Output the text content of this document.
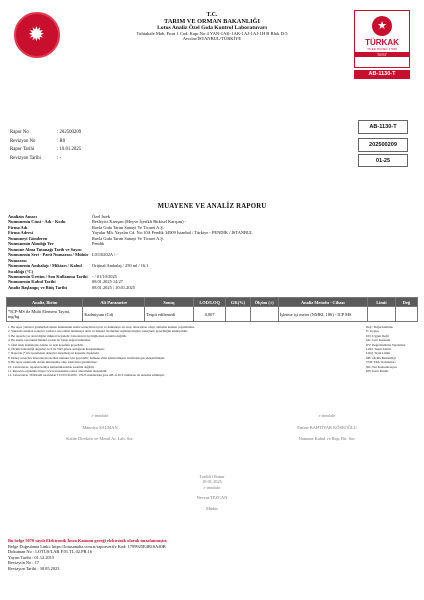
✹
T.C.
TARIM VE ORMAN BAKANLIĞI
Lotus Analiz Özel Gıda Kontrol Laboratuvarı
Tuhtakale Mah. Fırat 1 Cad. Kapı No:4 YAN-1AK-1AK-1AJ-1AJ-1H B Blok D:5
Avcılar/İSTANBUL/TÜRKİYE
★
TÜRKAK
TS EN ISO/IEC 17025
TEST
AB-1130-T
Rapor No	: 202500209
Revizyon No	: R0
Rapor Tarihi	: 10.01.2025
Revizyon Tarihi	: -
AB-1130-T
202500209
01-25
MUAYENE VE ANALİZ RAPORU
Analizin Amacı	Özel İstek
Numunenin Cinsi - Adı - Kodu	Besleyici Karışım (Meyve İçerikli Bitkisel Karışım) -
Firma Adı	Ravla Gıda Tarım Sanayi Ve Ticaret A.Ş.
Firma Adresi	Yayalar Mh. Yayalar Cd. No:10A Pendik 34909 İstanbul / Türkiye - PENDİK / İSTANBUL
Numuneyi Gönderen	Ravla Gıda Tarım Sanayi Ve Ticaret A.Ş.
Numunenin Alındığı Yer	Pendik
Numune Alma Tutanağı Tarih ve Sayısı	
Numunenin Seri - Parti Numarası / Mühür Numarası	L0110202A / -
Numunenin Ambalajı / Miktarı / Kabul Sıcaklığı (°C)	Orijinal Ambalaj / 250 ml / 16,1
Numunenin Üretim / Son Kullanma Tarihi	- / 01/10/2025
Numunenin Kabul Tarihi	08.01.2025 14:27
Analiz Başlangıç ve Bitiş Tarihi	08.01.2025 / 10.01.2025
Analiz, Birim	Alt Parametre	Sonuç	LOD/LOQ	GK(%)	Ölçüm (±)	Analiz Metodu - Cihazı	Limit	Değ
*ICP-MS ile Multi Element Tayini, mg/kg	Kadmiyum (Cd)	Tespit edilemedi	0,007			İşletme içi metot (NMKL 186) - ICP MS		
1. Bu rapor yalnızca gönderilen/alınan numunenin analiz sonuçlarını içerir ve numuneye ait olup, laboratuvar onayı olmadan kısmen çoğaltılamaz.
2. Yukarıda sunulan sonuçlar yalnızca test edilen numuneye aittir ve müşteri tarafından sağlanan bilgiler sonuçların geçerliliğini etkileyebilir.
3. Bu raporda yer alan bilgiler müşteri beyanıdır; laboratuvar bu bilgilerden sorumlu değildir.
4. Bu analiz raporunun hukuki açıdan bir belge değeri bulunmaz.
5. Özel istek analizlerde ödeme ve iade koşulları geçerlidir.
6. Ölçüm belirsizliği değerleri k=2 ile %95 güven aralığında hesaplanmıştır.
7. Raporda (*) ile işaretlenen deneyler akreditasyon kapsamı dışındadır.
8. Deney sonuçları laboratuvara iletilen numune için geçerlidir; numune alma işlemi müşteri tarafından gerçekleştirilmiştir.
9. Bu rapor elektronik olarak imzalanmış olup ıslak imza gerektirmez.
10. Laboratuvar, raporun kötüye kullanılmasından sorumlu değildir.
11. Raporun orijinaline https://www.lotusanaliz.com.tr adresinden ulaşılabilir.
12. Laboratuvar TÜRKAK tarafından TS EN ISO/IEC 17025 standardına göre AB-1130-T numarası ile akredite edilmiştir.
Değ.: Değerlendirme
U: Uygun
UD: Uygun Değil
GK: Geri Kazanım
DV: Değerlendirme Yapılamaz
LOD: Tespit Limiti
LOQ: Tayin Limiti
ÖB: Ölçüm Belirsizliği
TSD: Türk Standartları
NK: Net Konsantrasyon
KH: Kuru Madde
e-imzalıdır
Manolya SALMAN
Kalite Direktör ve Mesul Ar. Lab. Sor.
e-imzalıdır
Emine BAHTİYAR KÖSEOĞLU
Numune Kabul ve Rap. Bir. Sor.
Tarihli Olunur
10.01.2025
e-imzalıdır
Nevzat TEZCAN
Müdür
Bu belge 5070 sayılı Elektronik İmza Kanunu gereği elektronik olarak imzalanmıştır.
Belge Doğrulama Linki: https://lotusanaliz.com.tr/raporverify Kod: 1799925E4B16A40B
Dokuman No : LOTUS/LAB.F.01.TL.02.PR.16
Yayım Tarihi : 01.12.2015
Revizyon No : 17
Revizyon Tarihi : 30.05.2023
